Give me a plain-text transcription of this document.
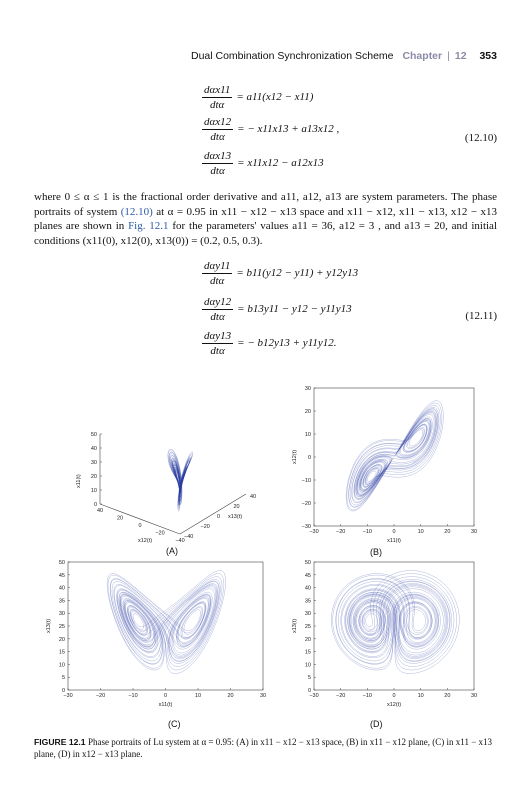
Dual Combination Synchronization Scheme Chapter | 12 353
$\frac{\text{dαx11}}{\text{dtα}} = a11(x12 - x11)$
$\frac{\text{dαx12}}{\text{dtα}}$ = − x11x13 + a13x12 ,
$\frac{\text{dαx13}}{\text{dtα}} = x11x12 - a12x13$
(12.10)
where 0 ≤ α ≤ 1 is the fractional order derivative and a11, a12, a13 are system parameters. The phase portraits of system (12.10) at α = 0.95 in x11 − x12 − x13 space and x11 − x12, x11 − x13, x12 − x13 planes are shown in Fig. 12.1 for the parameters' values a11 = 36, a12 = 3 , and a13 = 20, and initial conditions (x11(0), x12(0), x13(0)) = (0.2, 0.5, 0.3).
$\frac{\text{dαy11}}{\text{dtα}} = b11(y12 - y11) + y12y13$
$\frac{\text{dαy12}}{\text{dtα}} = b13y11 - y12 - y11y13$
$\frac{\text{dαy13}}{\text{dtα}}$ = − b12y13 + y11y12.
(12.11)
50
40
30
20
10
0
40
20
0
−20
−40
40
20
0
−20
−40
x11(t)
x12(t)
x13(t)
(A)
−30	−20	−10	0	10	20	30
30
20
10
0
−10
−20
−30
x11(t)
x12(t)
(B)
−30	−20	−10	0	10	20	30
50
45
40
35
30
25
20
15
10
5
0
x11(t)
x13(t)
(C)
−30	−20	−10	0	10	20	30
50
45
40
35
30
25
20
15
10
5
0
x12(t)
x13(t)
(D)
FIGURE 12.1 Phase portraits of Lu system at α = 0.95: (A) in x11 − x12 − x13 space, (B) in x11 − x12 plane, (C) in x11 − x13 plane, (D) in x12 − x13 plane.
